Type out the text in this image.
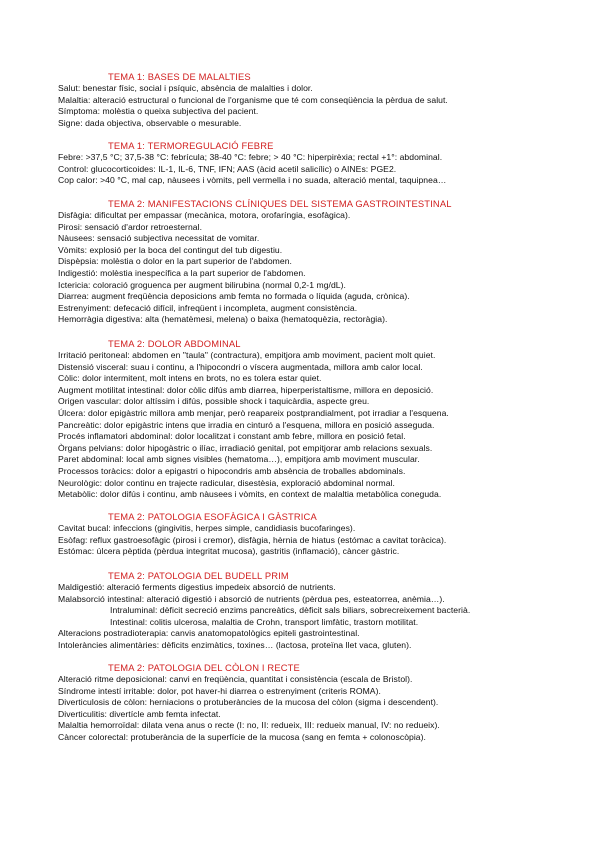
TEMA 1: BASES DE MALALTIES
Salut: benestar físic, social i psíquic, absència de malalties i dolor.
Malaltia: alteració estructural o funcional de l'organisme que té com conseqüència la pèrdua de salut.
Símptoma: molèstia o queixa subjectiva del pacient.
Signe: dada objectiva, observable o mesurable.
TEMA 1: TERMOREGULACIÓ FEBRE
Febre: >37,5 °C; 37,5-38 °C: febrícula; 38-40 °C: febre; > 40 °C: hiperpirèxia; rectal +1°: abdominal.
Control: glucocorticoides: IL-1, IL-6, TNF, IFN; AAS (àcid acetil salicílic) o AINEs: PGE2.
Cop calor: >40 °C, mal cap, nàusees i vòmits, pell vermella i no suada, alteració mental, taquipnea…
TEMA 2: MANIFESTACIONS CLÍNIQUES DEL SISTEMA GASTROINTESTINAL
Disfàgia: dificultat per empassar (mecànica, motora, orofaríngia, esofàgica).
Pirosi: sensació d'ardor retroesternal.
Nàusees: sensació subjectiva necessitat de vomitar.
Vòmits: explosió per la boca del contingut del tub digestiu.
Dispèpsia: molèstia o dolor en la part superior de l'abdomen.
Indigestió: molèstia inespecífica a la part superior de l'abdomen.
Ictericia: coloració groguenca per augment bilirubina (normal 0,2-1 mg/dL).
Diarrea: augment freqüència deposicions amb femta no formada o líquida (aguda, crònica).
Estrenyiment: defecació difícil, infreqüent i incompleta, augment consistència.
Hemorràgia digestiva: alta (hematèmesi, melena) o baixa (hematoquèzia, rectoràgia).
TEMA 2: DOLOR ABDOMINAL
Irritació peritoneal: abdomen en "taula" (contractura), empitjora amb moviment, pacient molt quiet.
Distensió visceral: suau i continu, a l'hipocondri o víscera augmentada, millora amb calor local.
Còlic: dolor intermitent, molt intens en brots, no es tolera estar quiet.
Augment motilitat intestinal: dolor còlic difús amb diarrea, hiperperistaltisme, millora en deposició.
Origen vascular: dolor altíssim i difús, possible shock i taquicàrdia, aspecte greu.
Úlcera: dolor epigàstric millora amb menjar, però reapareix postprandialment, pot irradiar a l'esquena.
Pancreàtic: dolor epigàstric intens que irradia en cinturó a l'esquena, millora en posició asseguda.
Procés inflamatori abdominal: dolor localitzat i constant amb febre, millora en posició fetal.
Òrgans pelvians: dolor hipogàstric o ilíac, irradiació genital, pot empitjorar amb relacions sexuals.
Paret abdominal: local amb signes visibles (hematoma…), empitjora amb moviment muscular.
Processos toràcics: dolor a epigastri o hipocondris amb absència de troballes abdominals.
Neurològic: dolor continu en trajecte radicular, disestèsia, exploració abdominal normal.
Metabòlic: dolor difús i continu, amb nàusees i vòmits, en context de malaltia metabòlica coneguda.
TEMA 2: PATOLOGIA ESOFÀGICA I GÀSTRICA
Cavitat bucal: infeccions (gingivitis, herpes simple, candidiasis bucofaringes).
Esòfag: reflux gastroesofàgic (pirosi i cremor), disfàgia, hèrnia de hiatus (estómac a cavitat toràcica).
Estómac: úlcera pèptida (pèrdua integritat mucosa), gastritis (inflamació), càncer gàstric.
TEMA 2: PATOLOGIA DEL BUDELL PRIM
Maldigestió: alteració ferments digestius impedeix absorció de nutrients.
Malabsorció intestinal: alteració digestió i absorció de nutrients (pèrdua pes, esteatorrea, anèmia…).
Intraluminal: dèficit secreció enzims pancreàtics, dèficit sals biliars, sobrecreixement bacterià.
Intestinal: colitis ulcerosa, malaltia de Crohn, transport limfàtic, trastorn motilitat.
Alteracions postradioterapia: canvis anatomopatològics epiteli gastrointestinal.
Intoleràncies alimentàries: dèficits enzimàtics, toxines… (lactosa, proteïna llet vaca, gluten).
TEMA 2: PATOLOGIA DEL CÒLON I RECTE
Alteració ritme deposicional: canvi en freqüència, quantitat i consistència (escala de Bristol).
Síndrome intestí irritable: dolor, pot haver-hi diarrea o estrenyiment (criteris ROMA).
Diverticulosis de còlon: herniacions o protuberàncies de la mucosa del còlon (sigma i descendent).
Diverticulitis: divertícle amb femta infectat.
Malaltia hemorroïdal: dilata vena anus o recte (I: no, II: redueix, III: redueix manual, IV: no redueix).
Càncer colorectal: protuberància de la superfície de la mucosa (sang en femta + colonoscòpia).
